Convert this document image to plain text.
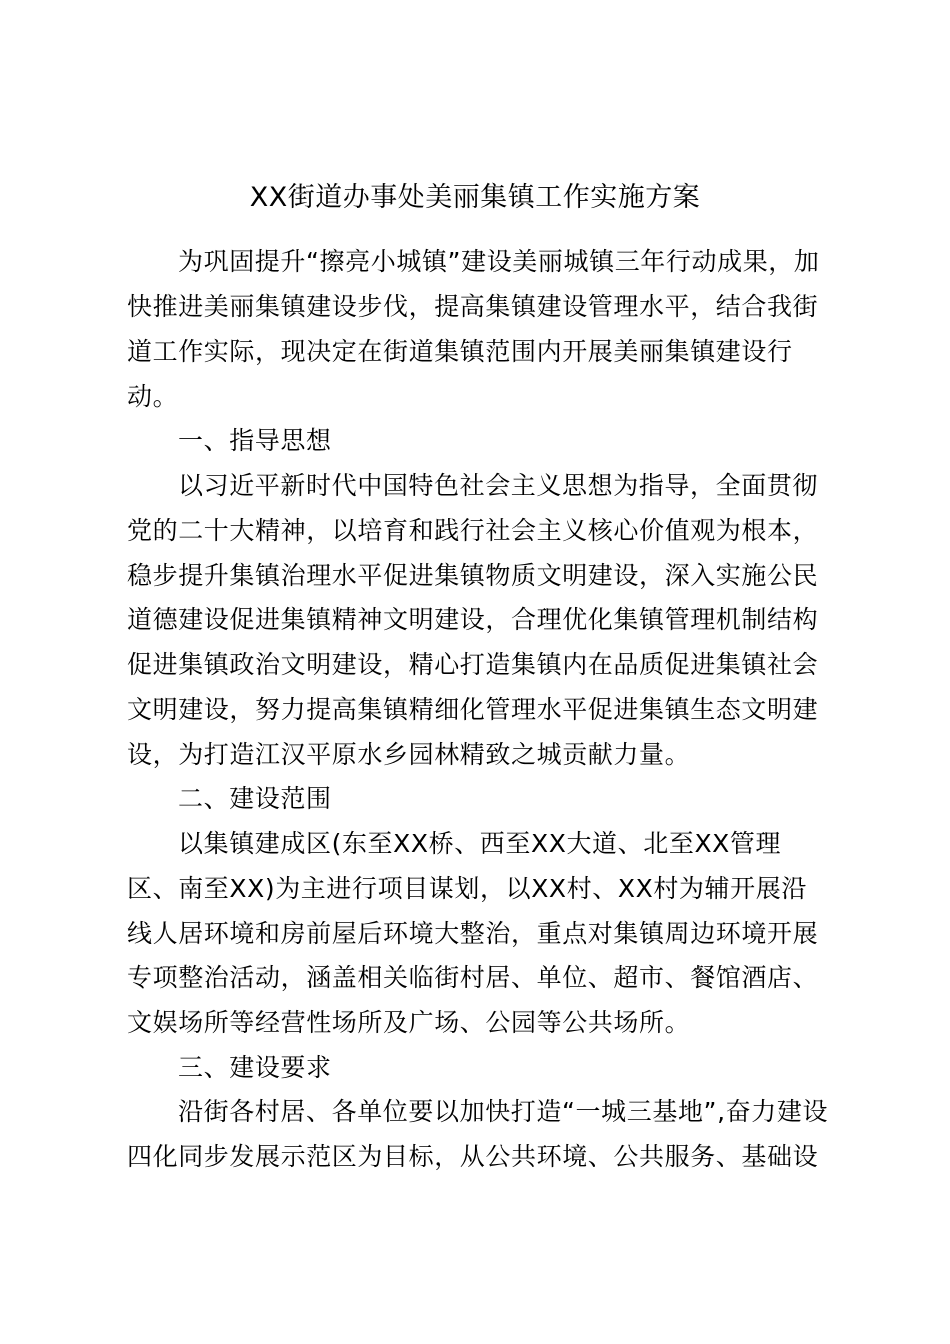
XX街道办事处美丽集镇工作实施方案
为巩固提升“擦亮小城镇”建设美丽城镇三年行动成果，加
快推进美丽集镇建设步伐，提高集镇建设管理水平，结合我街
道工作实际，现决定在街道集镇范围内开展美丽集镇建设行
动。
一、指导思想
以习近平新时代中国特色社会主义思想为指导，全面贯彻
党的二十大精神，以培育和践行社会主义核心价值观为根本，
稳步提升集镇治理水平促进集镇物质文明建设，深入实施公民
道德建设促进集镇精神文明建设，合理优化集镇管理机制结构
促进集镇政治文明建设，精心打造集镇内在品质促进集镇社会
文明建设，努力提高集镇精细化管理水平促进集镇生态文明建
设，为打造江汉平原水乡园林精致之城贡献力量。
二、建设范围
以集镇建成区(东至XX桥、西至XX大道、北至XX管理
区、南至XX)为主进行项目谋划，以XX村、XX村为辅开展沿
线人居环境和房前屋后环境大整治，重点对集镇周边环境开展
专项整治活动，涵盖相关临街村居、单位、超市、餐馆酒店、
文娱场所等经营性场所及广场、公园等公共场所。
三、建设要求
沿街各村居、各单位要以加快打造“一城三基地”,奋力建设
四化同步发展示范区为目标，从公共环境、公共服务、基础设
